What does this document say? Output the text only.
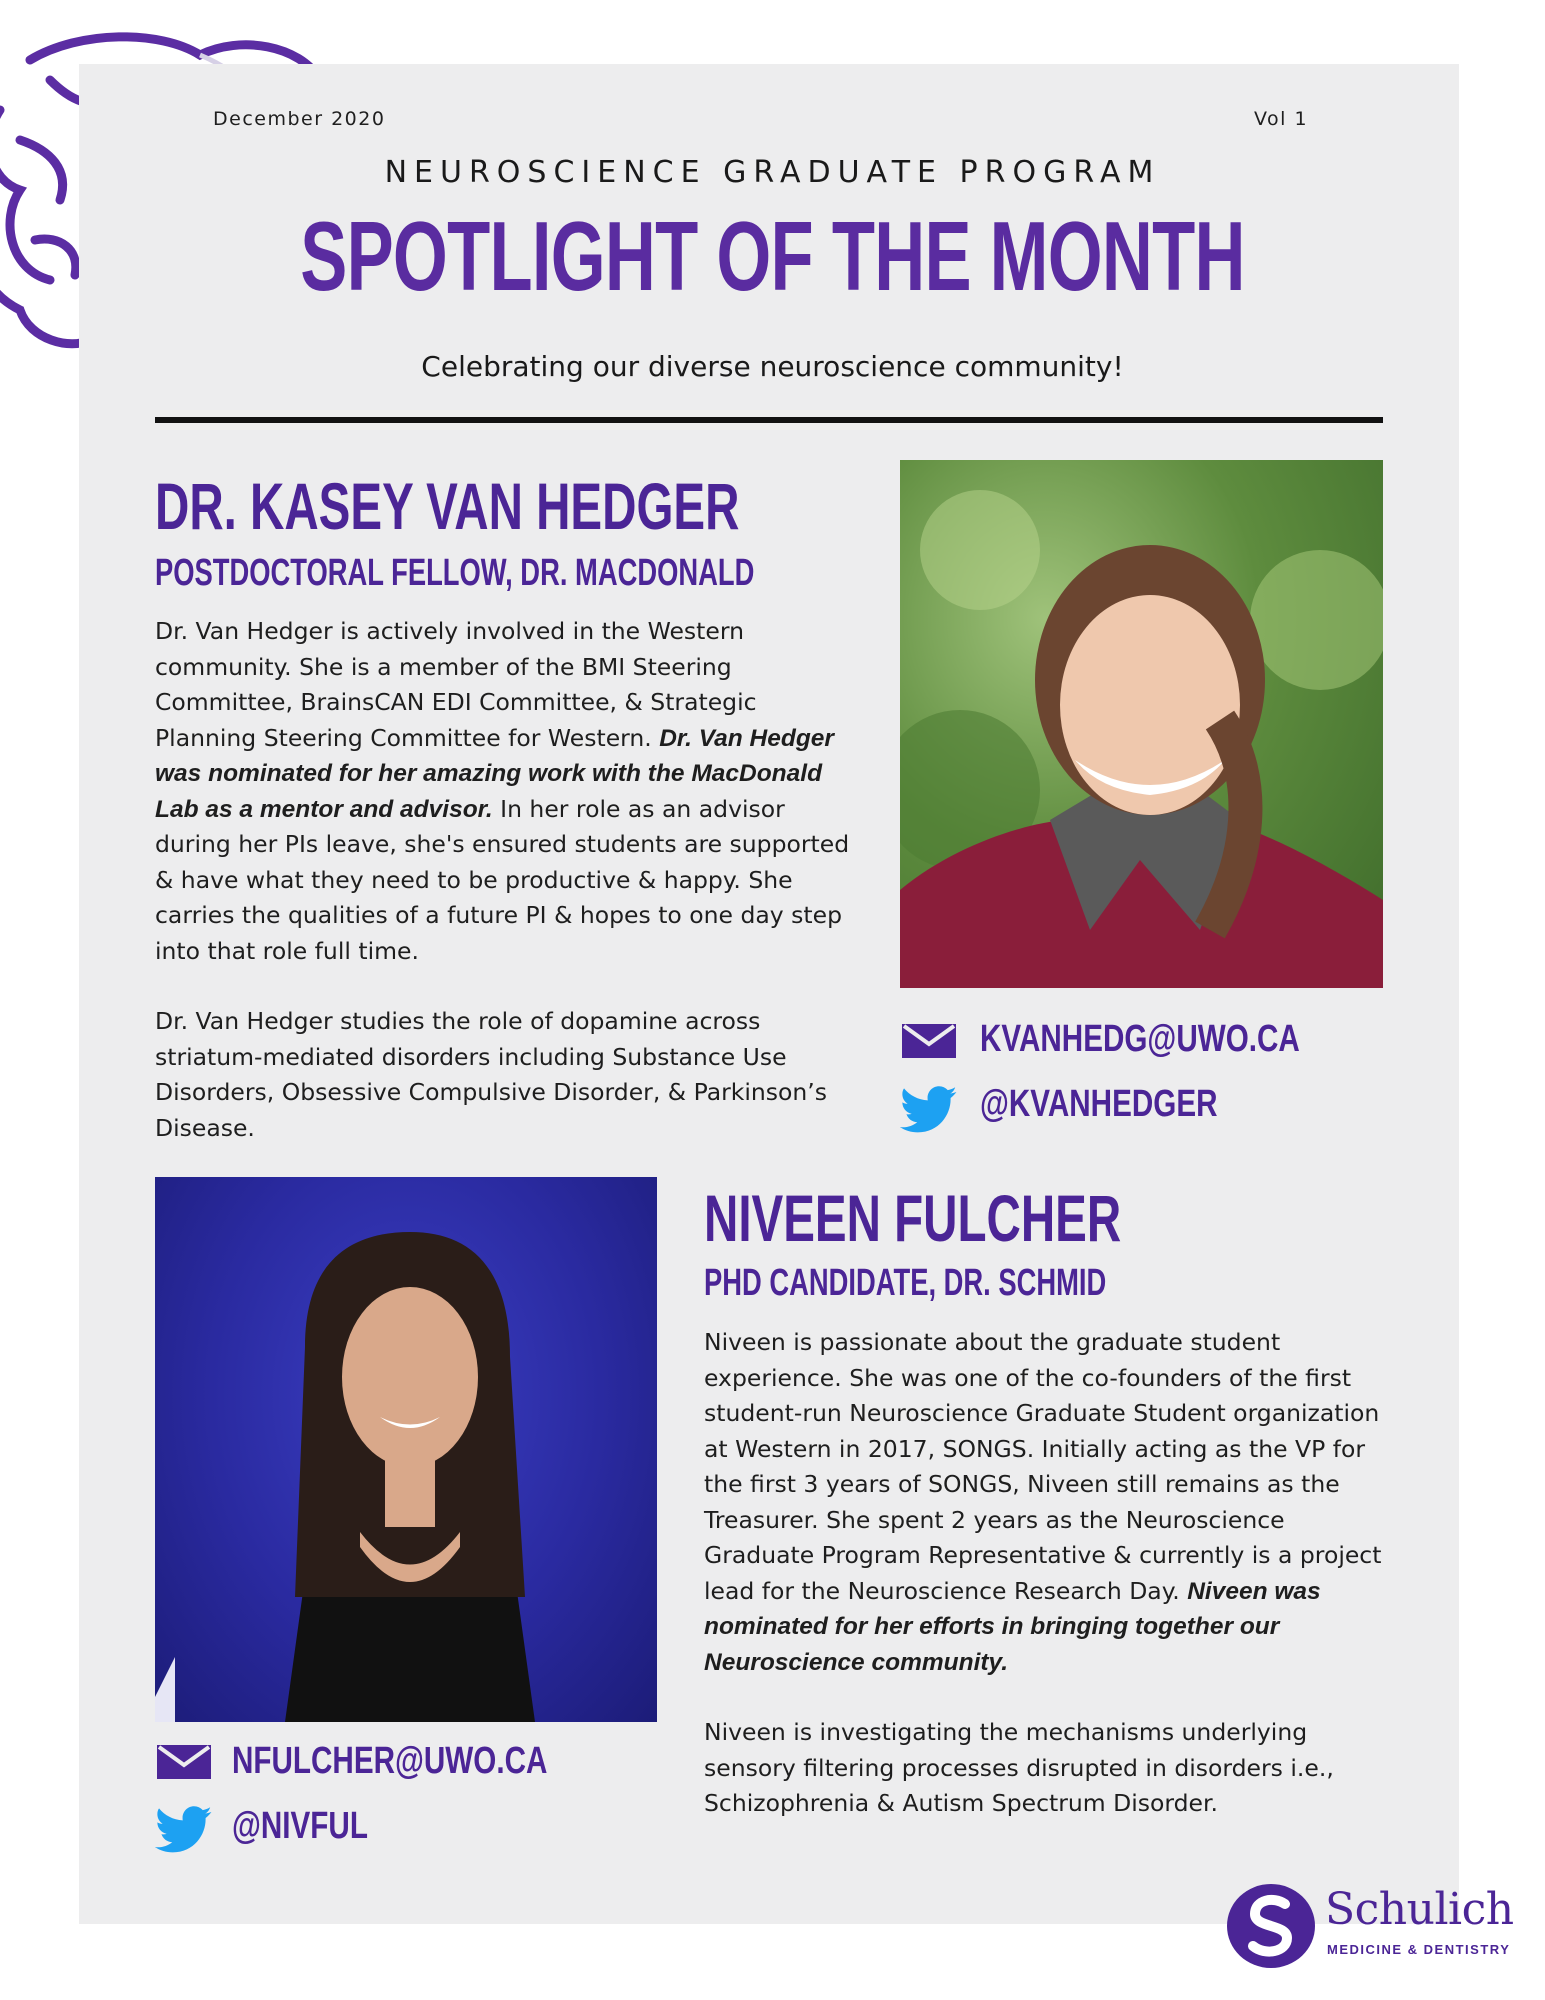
December 2020	Vol 1
NEUROSCIENCE GRADUATE PROGRAM
SPOTLIGHT OF THE MONTH
Celebrating our diverse neuroscience community!
DR. KASEY VAN HEDGER
POSTDOCTORAL FELLOW, DR. MACDONALD

Dr. Van Hedger is actively involved in the Western community. She is a member of the BMI Steering Committee, BrainsCAN EDI Committee, & Strategic Planning Steering Committee for Western. Dr. Van Hedger was nominated for her amazing work with the MacDonald Lab as a mentor and advisor. In her role as an advisor during her PIs leave, she's ensured students are supported & have what they need to be productive & happy. She carries the qualities of a future PI & hopes to one day step into that role full time.

Dr. Van Hedger studies the role of dopamine across striatum-mediated disorders including Substance Use Disorders, Obsessive Compulsive Disorder, & Parkinson’s Disease.

KVANHEDG@UWO.CA
@KVANHEDGER
NIVEEN FULCHER
PHD CANDIDATE, DR. SCHMID

Niveen is passionate about the graduate student experience. She was one of the co-founders of the first student-run Neuroscience Graduate Student organization at Western in 2017, SONGS. Initially acting as the VP for the first 3 years of SONGS, Niveen still remains as the Treasurer. She spent 2 years as the Neuroscience Graduate Program Representative & currently is a project lead for the Neuroscience Research Day. Niveen was nominated for her efforts in bringing together our Neuroscience community.

Niveen is investigating the mechanisms underlying sensory filtering processes disrupted in disorders i.e., Schizophrenia & Autism Spectrum Disorder.

NFULCHER@UWO.CA
@NIVFUL
Schulich
MEDICINE & DENTISTRY
